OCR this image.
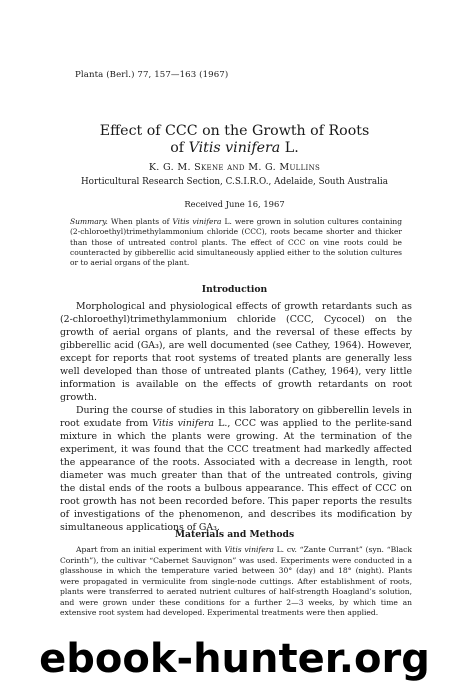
Planta (Berl.) 77, 157—163 (1967)
Effect of CCC on the Growth of Roots
of Vitis vinifera L.
K. G. M. Skene and M. G. Mullins
Horticultural Research Section, C.S.I.R.O., Adelaide, South Australia
Received June 16, 1967
Summary. When plants of Vitis vinifera L. were grown in solution cultures containing (2-chloroethyl)trimethylammonium chloride (CCC), roots became shorter and thicker than those of untreated control plants. The effect of CCC on vine roots could be counteracted by gibberellic acid simultaneously applied either to the solution cultures or to aerial organs of the plant.
Introduction

Morphological and physiological effects of growth retardants such as (2-chloroethyl)trimethylammonium chloride (CCC, Cycocel) on the growth of aerial organs of plants, and the reversal of these effects by gibberellic acid (GA₃), are well documented (see Cathey, 1964). However, except for reports that root systems of treated plants are generally less well developed than those of untreated plants (Cathey, 1964), very little information is available on the effects of growth retardants on root growth.

During the course of studies in this laboratory on gibberellin levels in root exudate from Vitis vinifera L., CCC was applied to the perlite-sand mixture in which the plants were growing. At the termination of the experiment, it was found that the CCC treatment had markedly affected the appearance of the roots. Associated with a decrease in length, root diameter was much greater than that of the untreated controls, giving the distal ends of the roots a bulbous appearance. This effect of CCC on root growth has not been recorded before. This paper reports the results of investigations of the phenomenon, and describes its modification by simultaneous applications of GA₃.

Materials and Methods
Apart from an initial experiment with Vitis vinifera L. cv. “Zante Currant” (syn. “Black Corinth”), the cultivar “Cabernet Sauvignon” was used. Experiments were conducted in a glasshouse in which the temperature varied between 30° (day) and 18° (night). Plants were propagated in vermiculite from single-node cuttings. After establishment of roots, plants were transferred to aerated nutrient cultures of half-strength Hoagland’s solution, and were grown under these conditions for a further 2—3 weeks, by which time an extensive root system had developed. Experimental treatments were then applied.
ebook-hunter.org
